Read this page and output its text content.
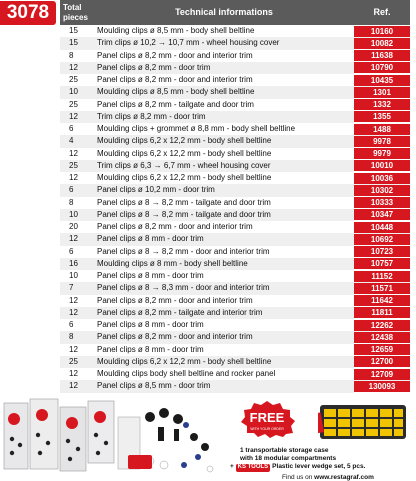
3078	Total pieces
Technical informations	Ref.
15	Moulding clips ø 8,5 mm - body shell beltline	10160
15	Trim clips ø 10,2 → 10,7 mm - wheel housing cover	10082
8	Panel clips ø 8,2 mm - door and interior trim	11638
12	Panel clips ø 8,2 mm - door trim	10790
25	Panel clips ø 8,2 mm - door and interior trim	10435
10	Moulding clips ø 8,5 mm - body shell beltline	1301
25	Panel clips ø 8,2 mm - tailgate and door trim	1332
12	Trim clips ø 8,2 mm - door trim	1355
6	Moulding clips + grommet ø 8,8 mm - body shell beltline	1488
4	Moulding clips 6,2 x 12,2 mm - body shell beltline	9978
12	Moulding clips 6,2 x 12,2 mm - body shell beltline	9979
25	Trim clips ø 6,3 → 6,7 mm - wheel housing cover	10010
12	Moulding clips 6,2 x 12,2 mm - body shell beltline	10036
6	Panel clips ø 10,2 mm - door trim	10302
8	Panel clips ø 8 → 8,2 mm - tailgate and door trim	10333
10	Panel clips ø 8 → 8,2 mm - tailgate and door trim	10347
20	Panel clips ø 8,2 mm - door and interior trim	10448
12	Panel clips ø 8 mm - door trim	10692
6	Panel clips ø 8 → 8,2 mm - door and interior trim	10723
16	Moulding clips ø 8 mm - body shell beltline	10757
10	Panel clips ø 8 mm - door trim	11152
7	Panel clips ø 8 → 8,3 mm - door and interior trim	11571
12	Panel clips ø 8,2 mm - door and interior trim	11642
12	Panel clips ø 8,2 mm - tailgate and interior trim	11811
6	Panel clips ø 8 mm - door trim	12262
8	Panel clips ø 8,2 mm - door and interior trim	12438
12	Panel clips ø 8 mm - door trim	12659
25	Moulding clips 6,2 x 12,2 mm - body shell beltline	12700
12	Moulding clips body shell beltline and rocker panel	12709
12	Panel clips ø 8,5 mm - door trim	130093
FREE
WITH YOUR ORDER
1 transportable storage case
with 18 modular compartments
+ KS TOOLS Plastic lever wedge set, 5 pcs.
Find us on www.restagraf.com
